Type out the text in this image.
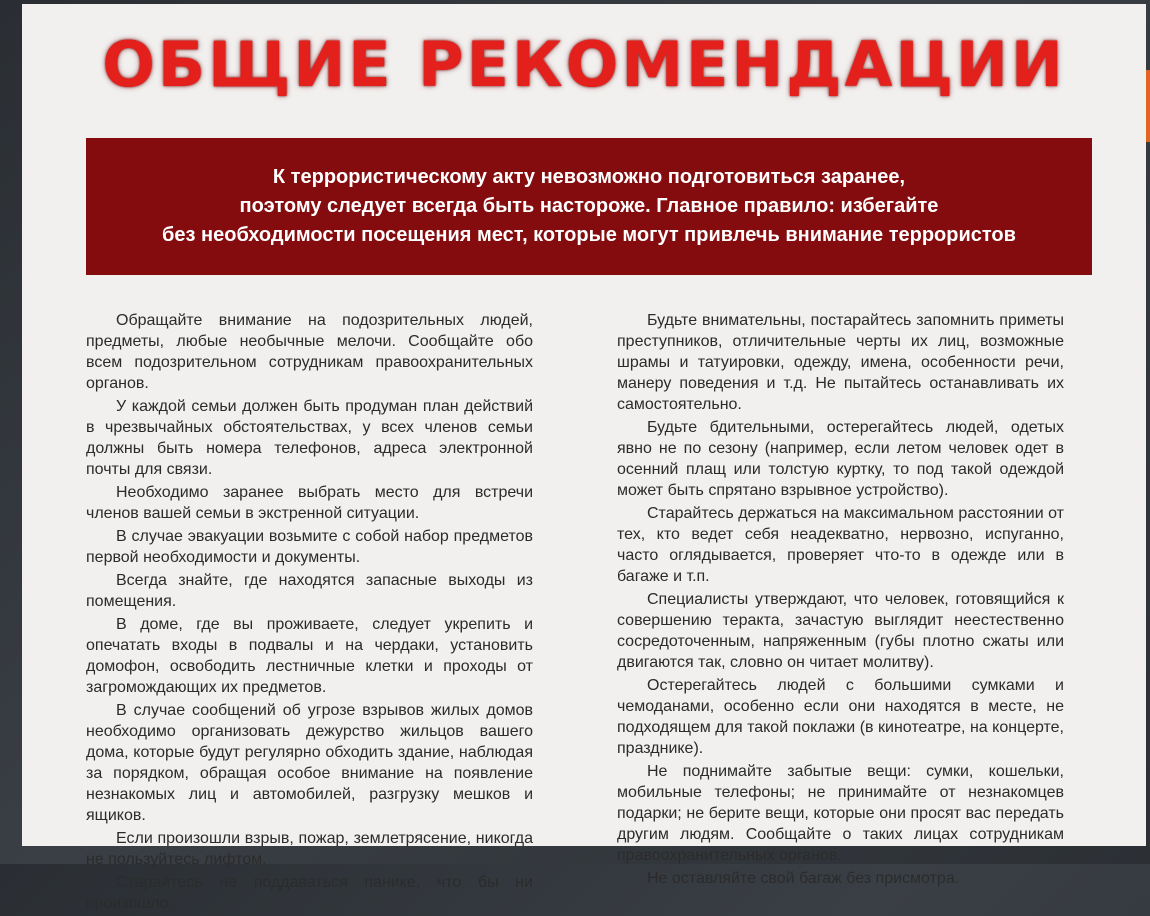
ОБЩИЕ РЕКОМЕНДАЦИИ
К террористическому акту невозможно подготовиться заранее,
поэтому следует всегда быть настороже. Главное правило: избегайте
без необходимости посещения мест, которые могут привлечь внимание террористов

Обращайте внимание на подозрительных людей, предметы, любые необычные мелочи. Сообщайте обо всем подозрительном сотрудникам правоохранительных органов.

У каждой семьи должен быть продуман план действий в чрезвычайных обстоятельствах, у всех членов семьи должны быть номера телефонов, адреса электронной почты для связи.

Необходимо заранее выбрать место для встречи членов вашей семьи в экстренной ситуации.

В случае эвакуации возьмите с собой набор предметов первой необходимости и документы.

Всегда знайте, где находятся запасные выходы из помещения.

В доме, где вы проживаете, следует укрепить и опечатать входы в подвалы и на чердаки, установить домофон, освободить лестничные клетки и проходы от загромождающих их предметов.

В случае сообщений об угрозе взрывов жилых домов необходимо организовать дежурство жильцов вашего дома, которые будут регулярно обходить здание, наблюдая за порядком, обращая особое внимание на появление незнакомых лиц и автомобилей, разгрузку мешков и ящиков.

Если произошли взрыв, пожар, землетрясение, никогда не пользуйтесь лифтом.

Старайтесь не поддаваться панике, что бы ни произошло.

Будьте внимательны, постарайтесь запомнить приметы преступников, отличительные черты их лиц, возможные шрамы и татуировки, одежду, имена, особенности речи, манеру поведения и т.д. Не пытайтесь останавливать их самостоятельно.

Будьте бдительными, остерегайтесь людей, одетых явно не по сезону (например, если летом человек одет в осенний плащ или толстую куртку, то под такой одеждой может быть спрятано взрывное устройство).

Старайтесь держаться на максимальном расстоянии от тех, кто ведет себя неадекватно, нервозно, испуганно, часто оглядывается, проверяет что-то в одежде или в багаже и т.п.

Специалисты утверждают, что человек, готовящийся к совершению теракта, зачастую выглядит неестественно сосредоточенным, напряженным (губы плотно сжаты или двигаются так, словно он читает молитву).

Остерегайтесь людей с большими сумками и чемоданами, особенно если они находятся в месте, не подходящем для такой поклажи (в кинотеатре, на концерте, празднике).

Не поднимайте забытые вещи: сумки, кошельки, мобильные телефоны; не принимайте от незнакомцев подарки; не берите вещи, которые они просят вас передать другим людям. Сообщайте о таких лицах сотрудникам правоохранительных органов.

Не оставляйте свой багаж без присмотра.
